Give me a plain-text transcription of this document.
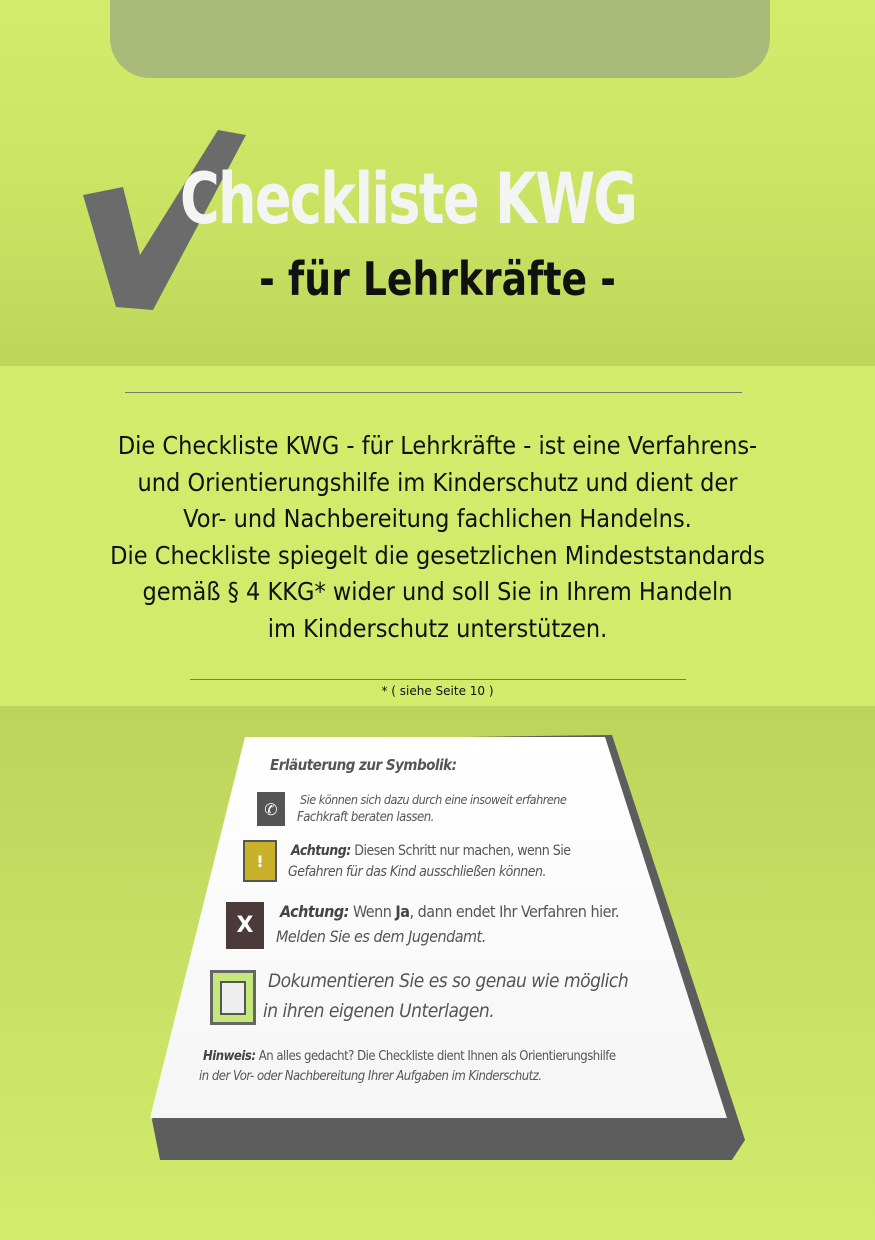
Checkliste KWG
- für Lehrkräfte -
Die Checkliste KWG - für Lehrkräfte - ist eine Verfahrens-
und Orientierungshilfe im Kinderschutz und dient der
Vor- und Nachbereitung fachlichen Handelns.
Die Checkliste spiegelt die gesetzlichen Mindeststandards
gemäß § 4 KKG* wider und soll Sie in Ihrem Handeln
im Kinderschutz unterstützen.
* ( siehe Seite 10 )
Erläuterung zur Symbolik:
✆	Sie können sich dazu durch eine insoweit erfahrene
Fachkraft beraten lassen.
!
Achtung: Diesen Schritt nur machen, wenn Sie
Gefahren für das Kind ausschließen können.
X
Achtung: Wenn Ja, dann endet Ihr Verfahren hier.
Melden Sie es dem Jugendamt.
Dokumentieren Sie es so genau wie möglich
in ihren eigenen Unterlagen.
Hinweis: An alles gedacht? Die Checkliste dient Ihnen als Orientierungshilfe
in der Vor- oder Nachbereitung Ihrer Aufgaben im Kinderschutz.
